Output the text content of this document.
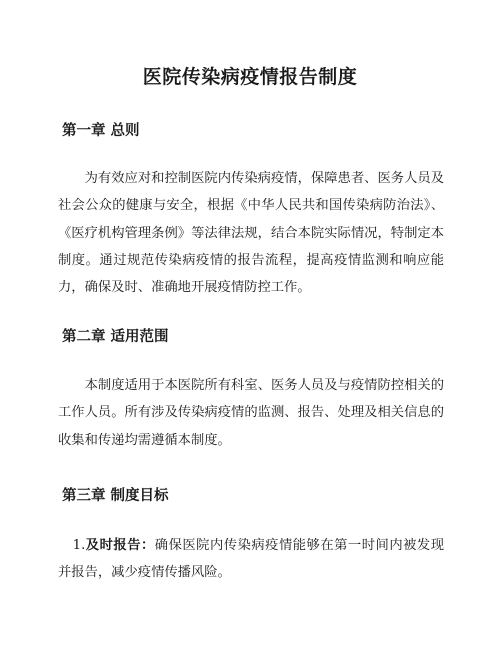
医院传染病疫情报告制度
第一章 总则

为有效应对和控制医院内传染病疫情，保障患者、医务人员及社会公众的健康与安全，根据《中华人民共和国传染病防治法》、《医疗机构管理条例》等法律法规，结合本院实际情况，特制定本制度。通过规范传染病疫情的报告流程，提高疫情监测和响应能力，确保及时、准确地开展疫情防控工作。

第二章 适用范围

本制度适用于本医院所有科室、医务人员及与疫情防控相关的工作人员。所有涉及传染病疫情的监测、报告、处理及相关信息的收集和传递均需遵循本制度。

第三章 制度目标

1.及时报告：确保医院内传染病疫情能够在第一时间内被发现并报告，减少疫情传播风险。
